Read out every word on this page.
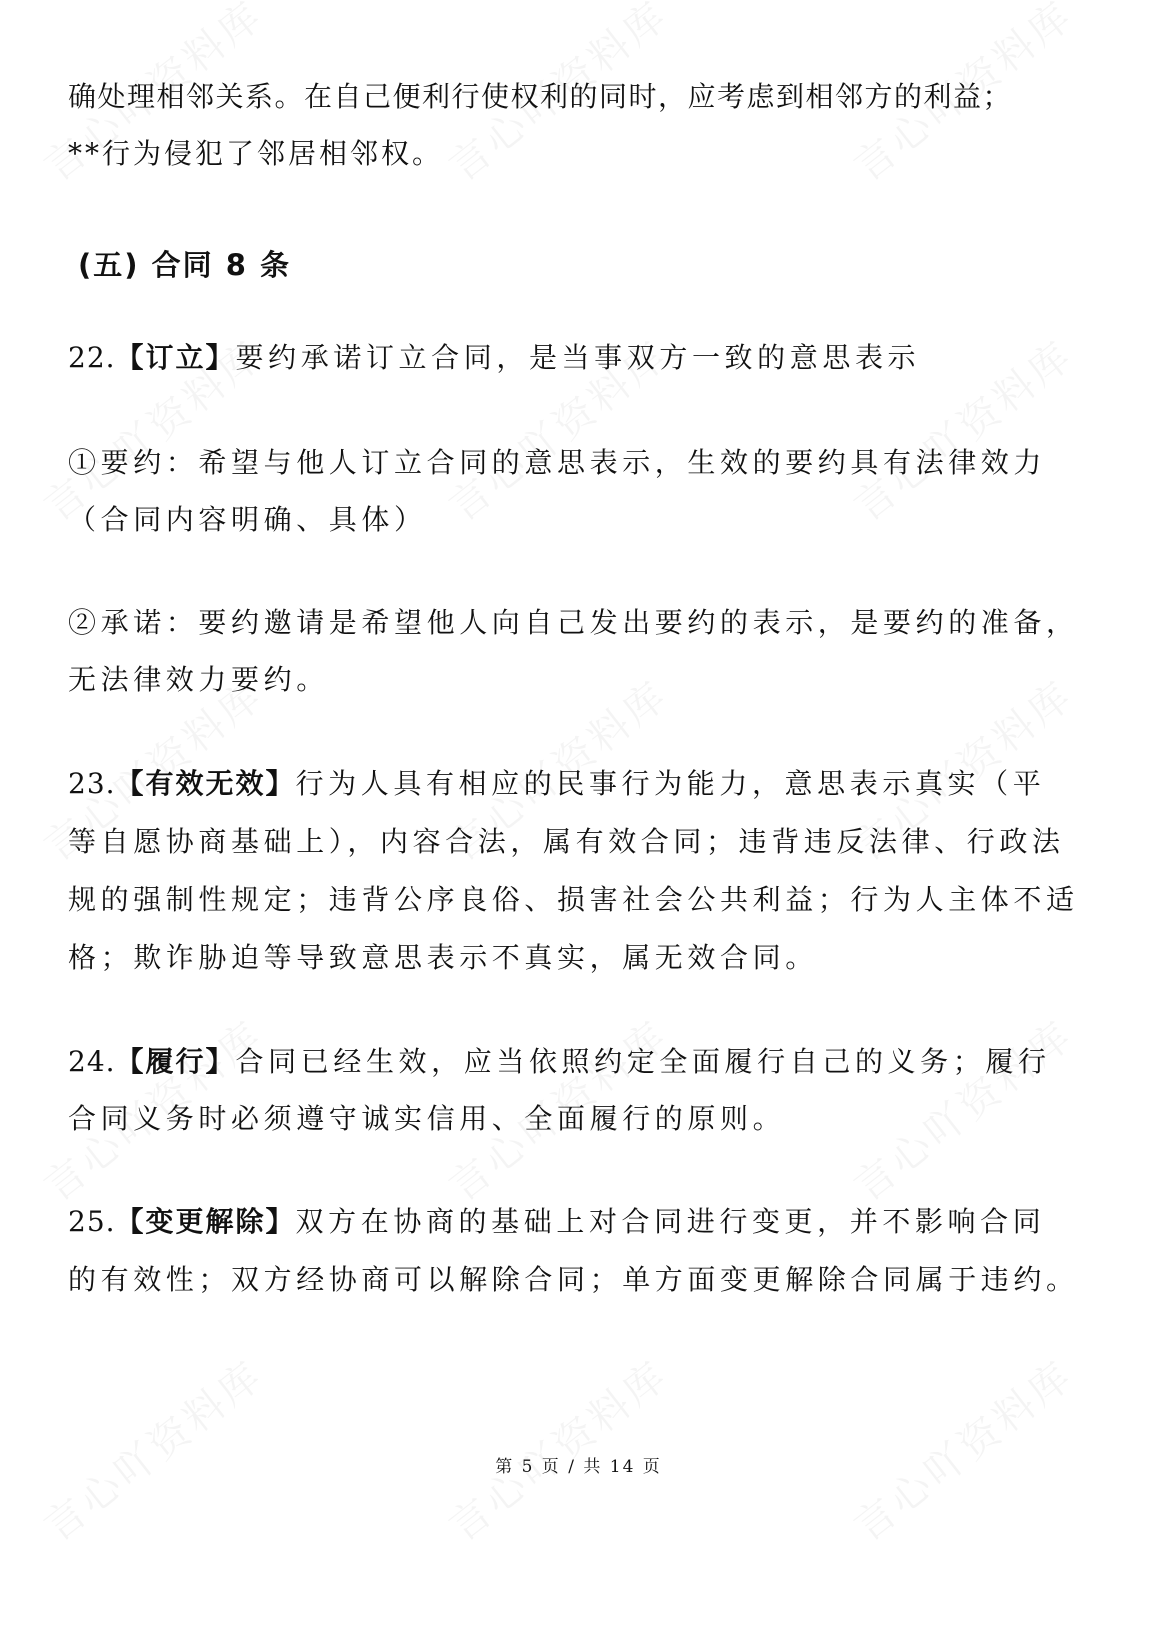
确处理相邻关系。在自己便利行使权利的同时，应考虑到相邻方的利益；
**行为侵犯了邻居相邻权。
(五) 合同 8 条
22.【订立】要约承诺订立合同，是当事双方一致的意思表示
①要约：希望与他人订立合同的意思表示，生效的要约具有法律效力
（合同内容明确、具体）
②承诺：要约邀请是希望他人向自己发出要约的表示，是要约的准备，
无法律效力要约。
23.【有效无效】行为人具有相应的民事行为能力，意思表示真实（平
等自愿协商基础上），内容合法，属有效合同；违背违反法律、行政法
规的强制性规定；违背公序良俗、损害社会公共利益；行为人主体不适
格；欺诈胁迫等导致意思表示不真实，属无效合同。
24.【履行】合同已经生效，应当依照约定全面履行自己的义务；履行
合同义务时必须遵守诚实信用、全面履行的原则。
25.【变更解除】双方在协商的基础上对合同进行变更，并不影响合同
的有效性；双方经协商可以解除合同；单方面变更解除合同属于违约。
第 5 页 / 共 14 页
